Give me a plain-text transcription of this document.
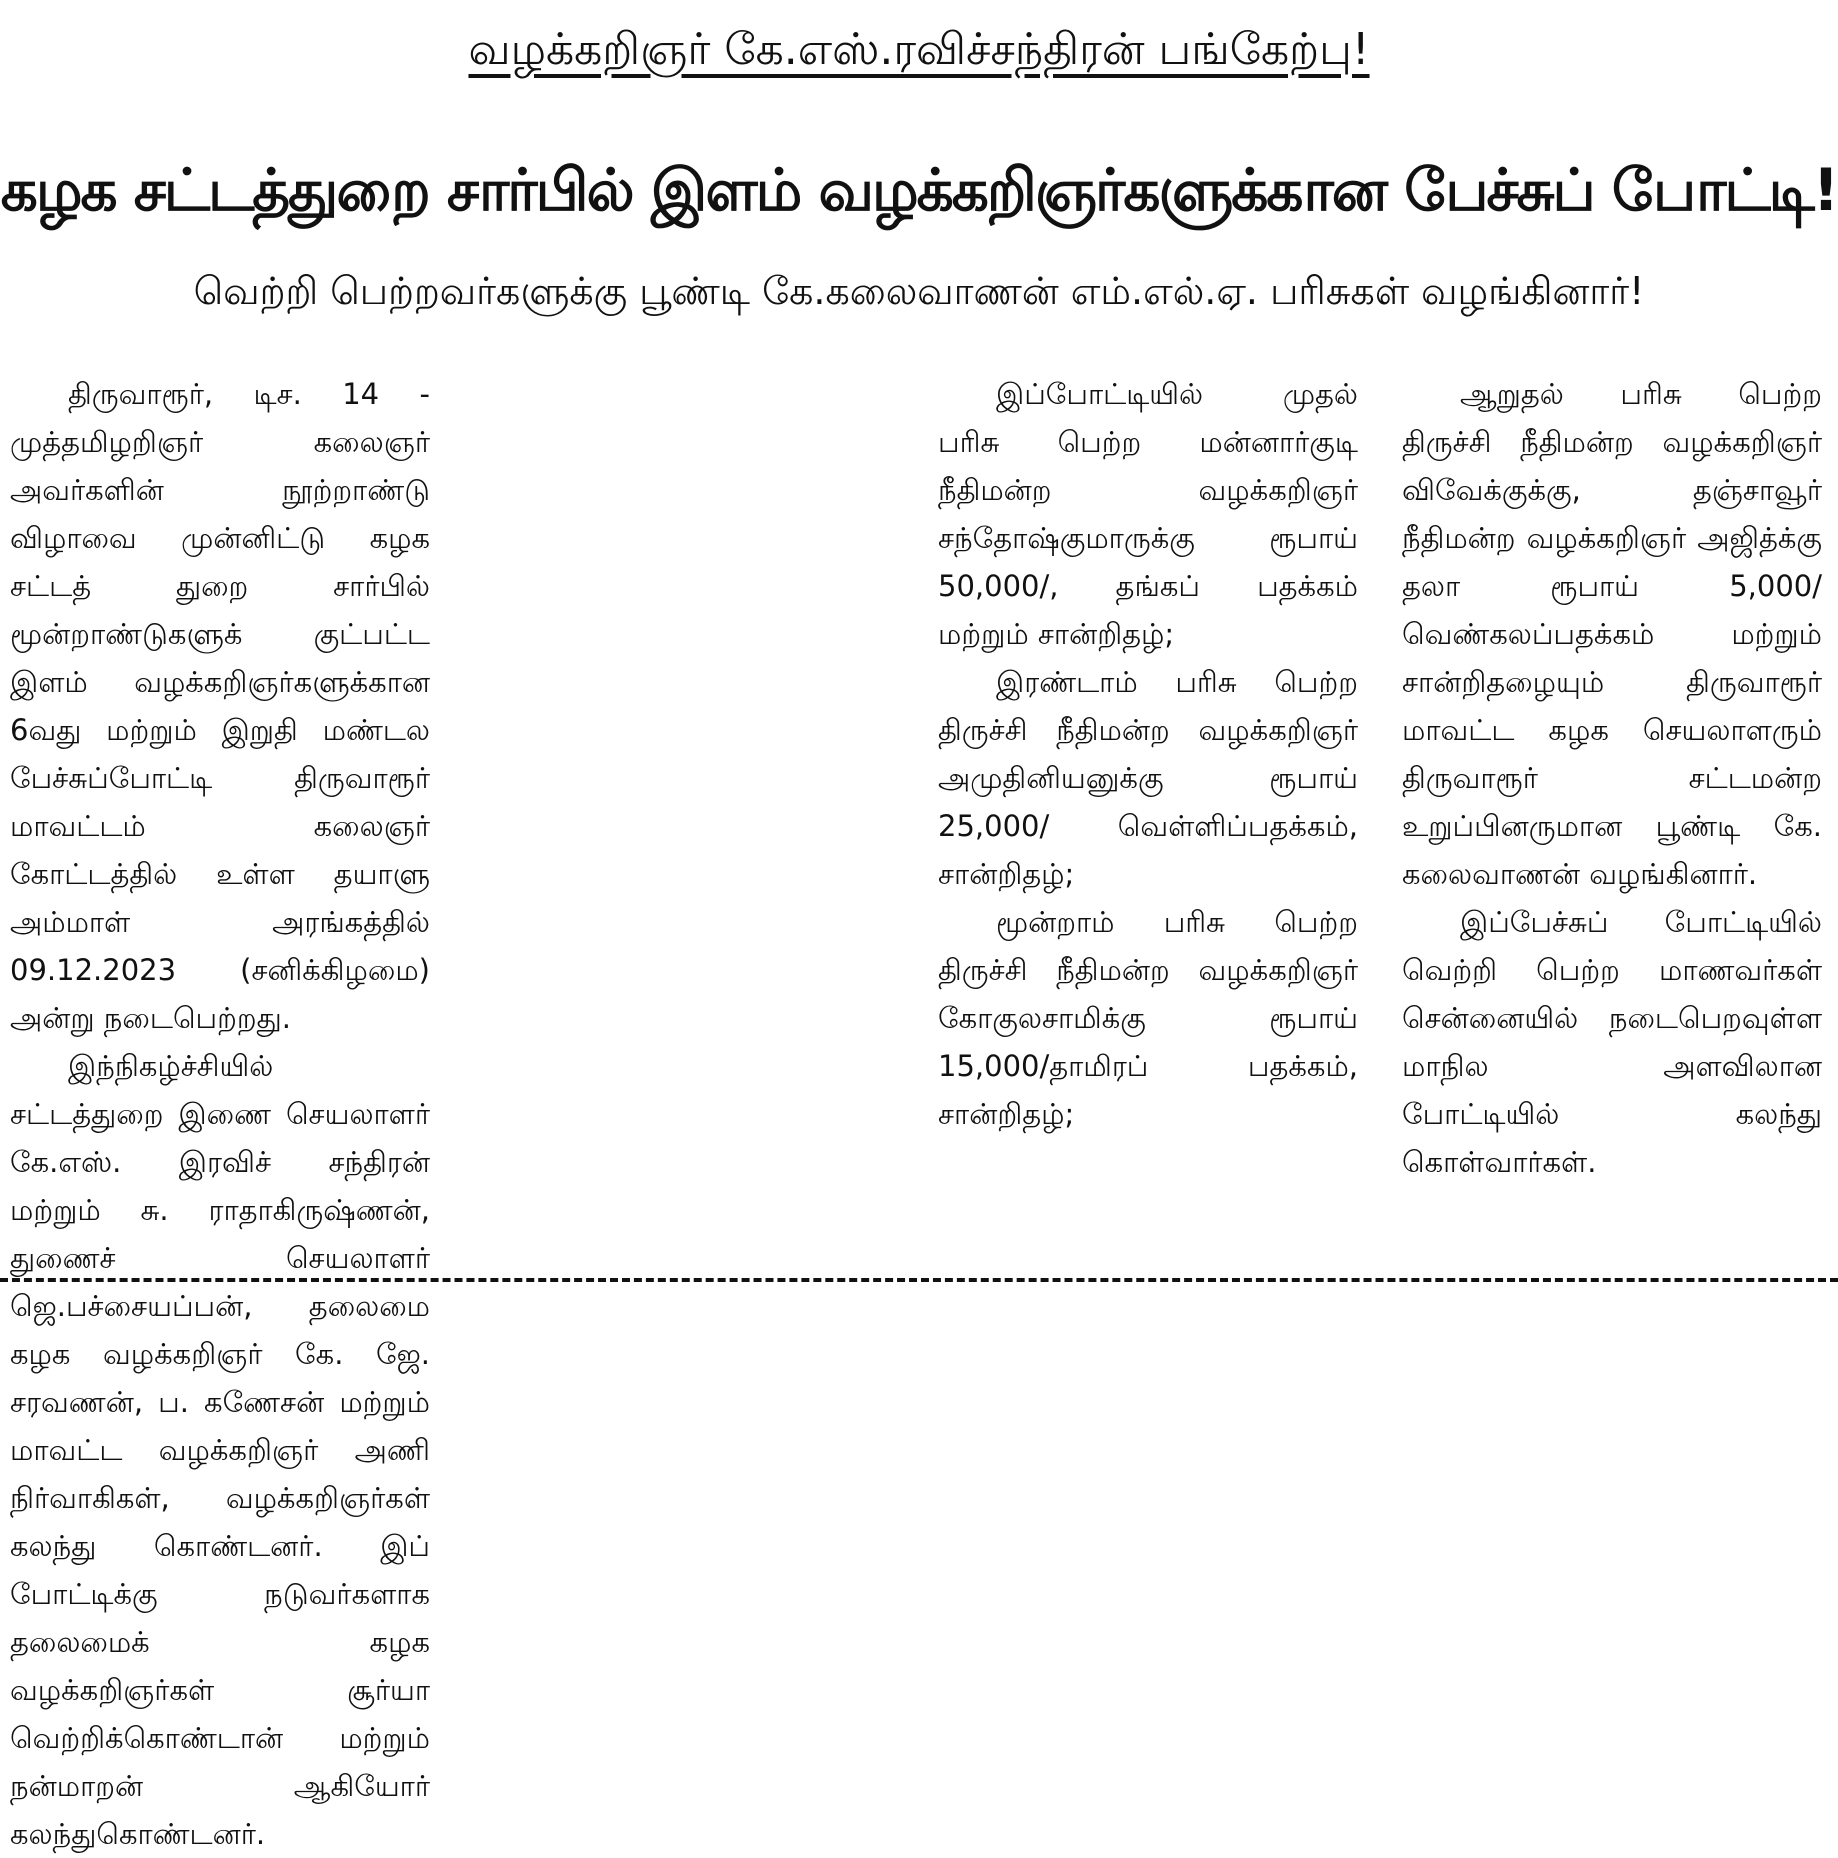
வழக்கறிஞர் கே.எஸ்.ரவிச்சந்திரன் பங்கேற்பு!
கழக சட்டத்துறை சார்பில் இளம் வழக்கறிஞர்களுக்கான பேச்சுப் போட்டி!
வெற்றி பெற்றவர்களுக்கு பூண்டி கே.கலைவாணன் எம்.எல்.ஏ. பரிசுகள் வழங்கினார்!

திருவாரூர், டிச. 14 - முத்தமிழறிஞர் கலைஞர் அவர்களின் நூற்றாண்டு விழாவை முன்னிட்டு கழக சட்டத் துறை சார்பில் மூன்றாண்டுகளுக் குட்பட்ட இளம் வழக்கறிஞர்களுக்கான 6வது மற்றும் இறுதி மண்டல பேச்சுப்போட்டி திருவாரூர் மாவட்டம் கலைஞர் கோட்டத்தில் உள்ள தயாளு அம்மாள் அரங்கத்தில் 09.12.2023 (சனிக்கிழமை) அன்று நடைபெற்றது.

இந்நிகழ்ச்சியில் சட்டத்துறை இணை செயலாளர் கே.எஸ். இரவிச் சந்திரன் மற்றும் சு. ராதாகிருஷ்ணன், துணைச் செயலாளர் ஜெ.பச்சையப்பன், தலைமை கழக வழக்கறிஞர் கே. ஜே. சரவணன், ப. கணேசன் மற்றும் மாவட்ட வழக்கறிஞர் அணி நிர்வாகிகள், வழக்கறிஞர்கள் கலந்து கொண்டனர். இப் போட்டிக்கு நடுவர்களாக தலைமைக் கழக வழக்கறிஞர்கள் சூர்யா வெற்றிக்கொண்டான் மற்றும் நன்மாறன் ஆகியோர் கலந்துகொண்டனர்.

இப்போட்டியில் முதல் பரிசு பெற்ற மன்னார்குடி நீதிமன்ற வழக்கறிஞர் சந்தோஷ்குமாருக்கு ரூபாய் 50,000/, தங்கப் பதக்கம் மற்றும் சான்றிதழ்;

இரண்டாம் பரிசு பெற்ற திருச்சி நீதிமன்ற வழக்கறிஞர் அமுதினியனுக்கு ரூபாய் 25,000/ வெள்ளிப்பதக்கம், சான்றிதழ்;

மூன்றாம் பரிசு பெற்ற திருச்சி நீதிமன்ற வழக்கறிஞர் கோகுலசாமிக்கு ரூபாய் 15,000/தாமிரப் பதக்கம், சான்றிதழ்;

ஆறுதல் பரிசு பெற்ற திருச்சி நீதிமன்ற வழக்கறிஞர் விவேக்குக்கு, தஞ்சாவூர் நீதிமன்ற வழக்கறிஞர் அஜித்க்கு தலா ரூபாய் 5,000/ வெண்கலப்பதக்கம் மற்றும் சான்றிதழையும் திருவாரூர் மாவட்ட கழக செயலாளரும் திருவாரூர் சட்டமன்ற உறுப்பினருமான பூண்டி கே. கலைவாணன் வழங்கினார்.

இப்பேச்சுப் போட்டியில் வெற்றி பெற்ற மாணவர்கள் சென்னையில் நடைபெறவுள்ள மாநில அளவிலான போட்டியில் கலந்து கொள்வார்கள்.
